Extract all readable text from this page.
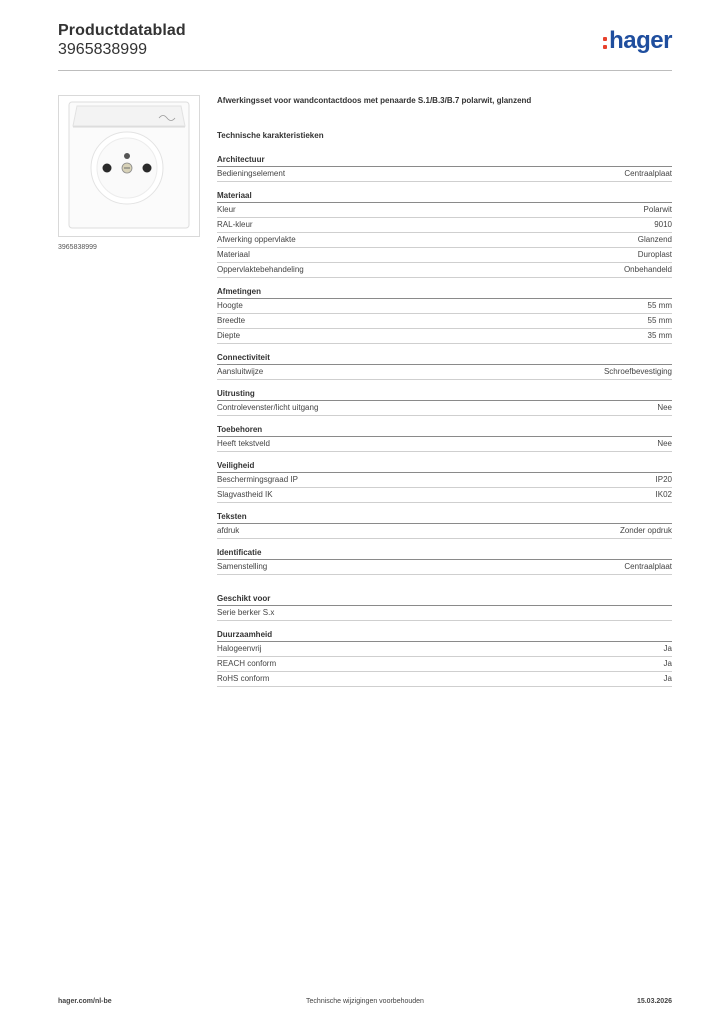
Productdatablad
3965838999	hager
3965838999
Afwerkingsset voor wandcontactdoos met penaarde S.1/B.3/B.7 polarwit, glanzend
Technische karakteristieken
Architectuur
Bedieningselement	Centraalplaat
Materiaal
Kleur	Polarwit
RAL-kleur	9010
Afwerking oppervlakte	Glanzend
Materiaal	Duroplast
Oppervlaktebehandeling	Onbehandeld
Afmetingen
Hoogte	55 mm
Breedte	55 mm
Diepte	35 mm
Connectiviteit
Aansluitwijze	Schroefbevestiging
Uitrusting
Controlevenster/licht uitgang	Nee
Toebehoren
Heeft tekstveld	Nee
Veiligheid
Beschermingsgraad IP	IP20
Slagvastheid IK	IK02
Teksten
afdruk	Zonder opdruk
Identificatie
Samenstelling	Centraalplaat
Geschikt voor
Serie berker S.x
Duurzaamheid
Halogeenvrij	Ja
REACH conform	Ja
RoHS conform	Ja
hager.com/nl-be	Technische wijzigingen voorbehouden	15.03.2026
